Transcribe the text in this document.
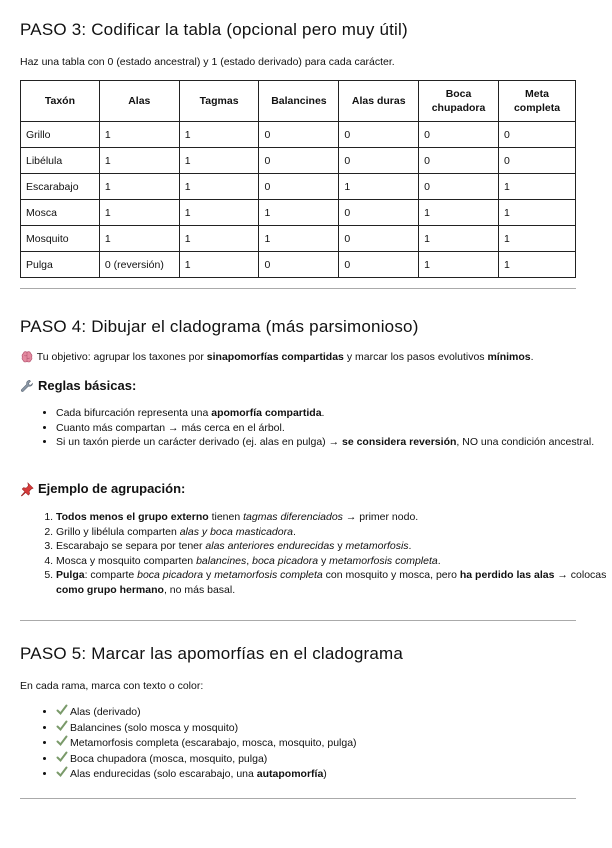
PASO 3: Codificar la tabla (opcional pero muy útil)

Haz una tabla con 0 (estado ancestral) y 1 (estado derivado) para cada carácter.

Taxón	Alas	Tagmas	Balancines	Alas duras	Boca chupadora	Meta completa
Grillo	1	1	0	0	0	0
Libélula	1	1	0	0	0	0
Escarabajo	1	1	0	1	0	1
Mosca	1	1	1	0	1	1
Mosquito	1	1	1	0	1	1
Pulga	0 (reversión)	1	0	0	1	1
PASO 4: Dibujar el cladograma (más parsimonioso)

Tu objetivo: agrupar los taxones por sinapomorfías compartidas y marcar los pasos evolutivos mínimos.

Reglas básicas:
• Cada bifurcación representa una apomorfía compartida.
• Cuanto más compartan → más cerca en el árbol.
• Si un taxón pierde un carácter derivado (ej. alas en pulga) → se considera reversión, NO una condición ancestral.
Ejemplo de agrupación:
1. Todos menos el grupo externo tienen tagmas diferenciados → primer nodo.
2. Grillo y libélula comparten alas y boca masticadora.
3. Escarabajo se separa por tener alas anteriores endurecidas y metamorfosis.
4. Mosca y mosquito comparten balancines, boca picadora y metamorfosis completa.
5. Pulga: comparte boca picadora y metamorfosis completa con mosquito y mosca, pero ha perdido las alas → colocas como grupo hermano, no más basal.
PASO 5: Marcar las apomorfías en el cladograma

En cada rama, marca con texto o color:

• Alas (derivado)
• Balancines (solo mosca y mosquito)
• Metamorfosis completa (escarabajo, mosca, mosquito, pulga)
• Boca chupadora (mosca, mosquito, pulga)
• Alas endurecidas (solo escarabajo, una autapomorfía)
